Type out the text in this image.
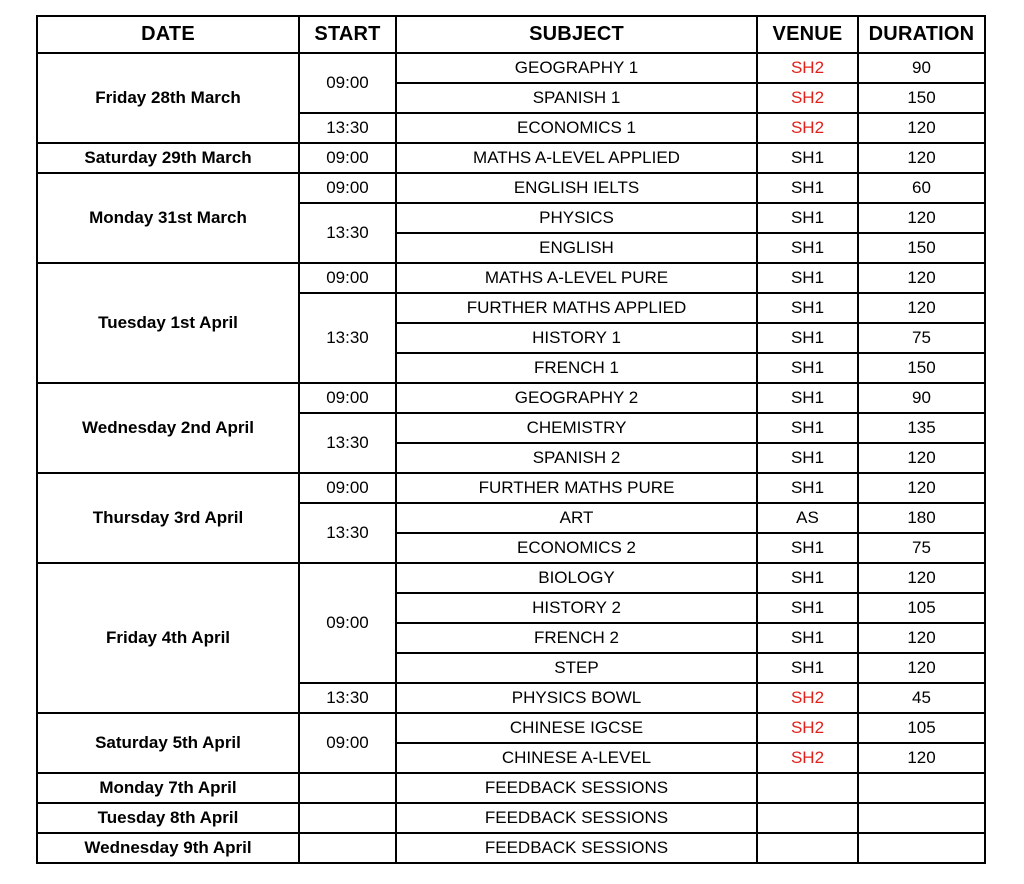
DATE	START	SUBJECT	VENUE	DURATION
Friday 28th March	09:00	GEOGRAPHY 1	SH2	90
		SPANISH 1	SH2	150
	13:30	ECONOMICS 1	SH2	120
Saturday 29th March	09:00	MATHS A-LEVEL APPLIED	SH1	120
Monday 31st March	09:00	ENGLISH IELTS	SH1	60
	13:30	PHYSICS	SH1	120
		ENGLISH	SH1	150
Tuesday 1st April	09:00	MATHS A-LEVEL PURE	SH1	120
	13:30	FURTHER MATHS APPLIED	SH1	120
		HISTORY 1	SH1	75
		FRENCH 1	SH1	150
Wednesday 2nd April	09:00	GEOGRAPHY 2	SH1	90
	13:30	CHEMISTRY	SH1	135
		SPANISH 2	SH1	120
Thursday 3rd April	09:00	FURTHER MATHS PURE	SH1	120
	13:30	ART	AS	180
		ECONOMICS 2	SH1	75
Friday 4th April	09:00	BIOLOGY	SH1	120
		HISTORY 2	SH1	105
		FRENCH 2	SH1	120
		STEP	SH1	120
	13:30	PHYSICS BOWL	SH2	45
Saturday 5th April	09:00	CHINESE IGCSE	SH2	105
		CHINESE A-LEVEL	SH2	120
Monday 7th April		FEEDBACK SESSIONS		
Tuesday 8th April		FEEDBACK SESSIONS		
Wednesday 9th April		FEEDBACK SESSIONS		
